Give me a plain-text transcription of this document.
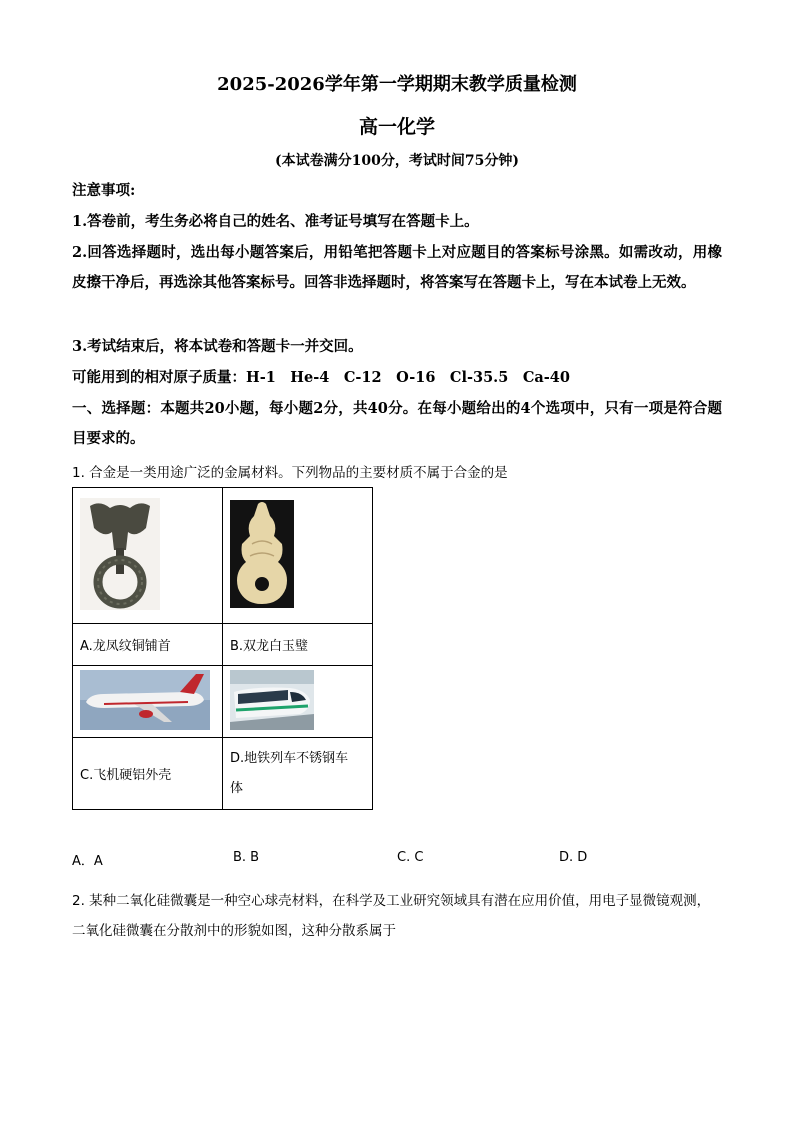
2025-2026学年第一学期期末教学质量检测
高一化学
(本试卷满分100分，考试时间75分钟)
注意事项:
1.答卷前，考生务必将自己的姓名、准考证号填写在答题卡上。
2.回答选择题时，选出每小题答案后，用铅笔把答题卡上对应题目的答案标号涂黑。如需改动，用橡皮擦干净后，再选涂其他答案标号。回答非选择题时，将答案写在答题卡上，写在本试卷上无效。
3.考试结束后，将本试卷和答题卡一并交回。
可能用到的相对原子质量：H-1　He-4　C-12　O-16　Cl-35.5　Ca-40
一、选择题：本题共20小题，每小题2分，共40分。在每小题给出的4个选项中，只有一项是符合题目要求的。
1. 合金是一类用途广泛的金属材料。下列物品的主要材质不属于合金的是

A.龙凤纹铜铺首	B.双龙白玉璧

C.飞机硬铝外壳	D.地铁列车不锈钢车体
A．A	B. B	C. C	D. D
2. 某种二氧化硅微囊是一种空心球壳材料，在科学及工业研究领域具有潜在应用价值，用电子显微镜观测，二氧化硅微囊在分散剂中的形貌如图，这种分散系属于
